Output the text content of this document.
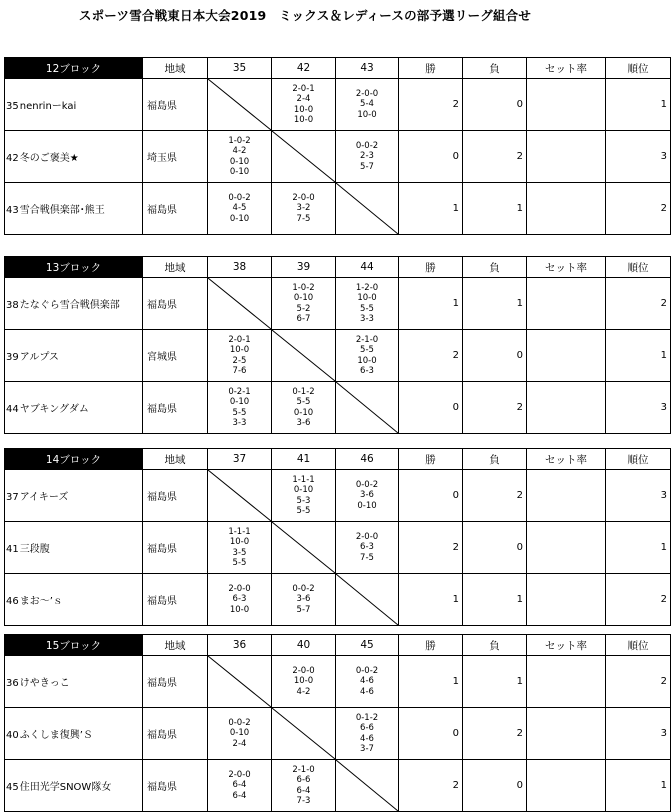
スポーツ雪合戦東日本大会2019　ミックス＆レディースの部予選リーグ組合せ
12ブロック	地域	35	42	43	勝	負	セット率	順位
35nenrinーkai	福島県		2-0-1
2-4
10-0
10-0	2-0-0
5-4
10-0	2	0		1
42冬のご褒美★	埼玉県	1-0-2
4-2
0-10
0-10		0-0-2
2-3
5-7	0	2		3
43雪合戦倶楽部･熊王	福島県	0-0-2
4-5
0-10	2-0-0
3-2
7-5		1	1		2
13ブロック	地域	38	39	44	勝	負	セット率	順位
38たなぐら雪合戦倶楽部	福島県		1-0-2
0-10
5-2
6-7	1-2-0
10-0
5-5
3-3	1	1		2
39アルプス	宮城県	2-0-1
10-0
2-5
7-6		2-1-0
5-5
10-0
6-3	2	0		1
44ヤブキングダム	福島県	0-2-1
0-10
5-5
3-3	0-1-2
5-5
0-10
3-6		0	2		3
14ブロック	地域	37	41	46	勝	負	セット率	順位
37アイキーズ	福島県		1-1-1
0-10
5-3
5-5	0-0-2
3-6
0-10	0	2		3
41三段腹	福島県	1-1-1
10-0
3-5
5-5		2-0-0
6-3
7-5	2	0		1
46まお～’ｓ	福島県	2-0-0
6-3
10-0	0-0-2
3-6
5-7		1	1		2
15ブロック	地域	36	40	45	勝	負	セット率	順位
36けやきっこ	福島県		2-0-0
10-0
4-2	0-0-2
4-6
4-6	1	1		2
40ふくしま復興’Ｓ	福島県	0-0-2
0-10
2-4		0-1-2
6-6
4-6
3-7	0	2		3
45住田光学SNOW隊女	福島県	2-0-0
6-4
6-4	2-1-0
6-6
6-4
7-3		2	0		1
